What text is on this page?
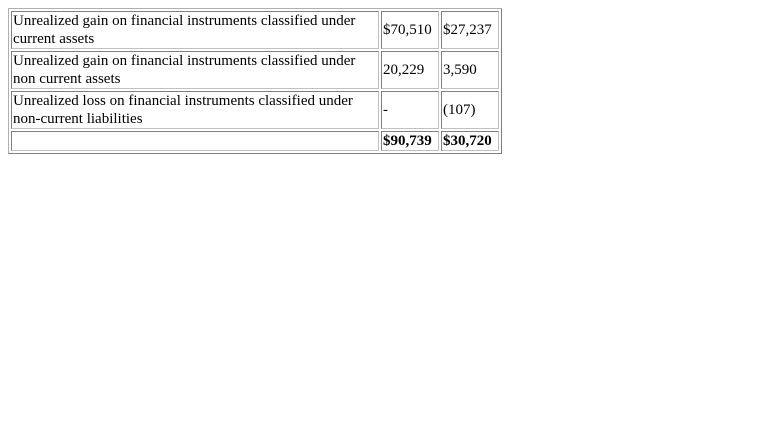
Unrealized gain on financial instruments classified under current assets	$70,510	$27,237
Unrealized gain on financial instruments classified under non current assets	20,229	3,590
Unrealized loss on financial instruments classified under non-current liabilities	-	(107)
	$90,739	$30,720
